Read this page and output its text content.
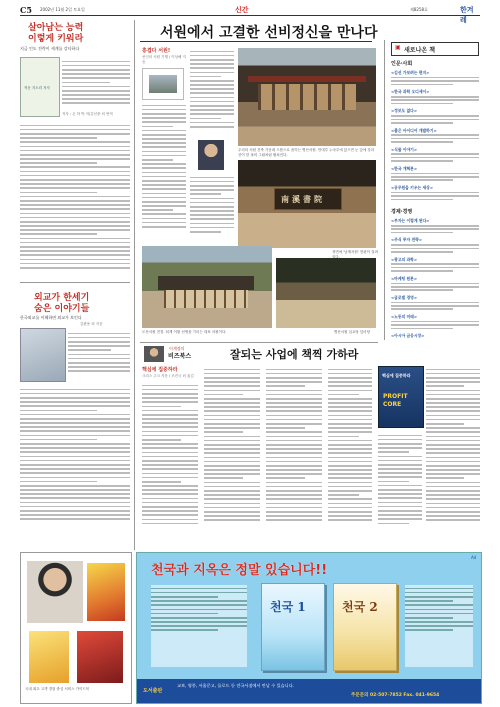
C5 2002년 11월 2일 토요일	신간	제8258호	한겨레
살아남는 능력
이렇게 키워라
지금 인도 전략이 세계를 강타하다
적응 지도력 저자
저자 : 존 하 박 저/김신중 외 번역
외교가 한세기
숨은 이야기들
한국외교를 이해하면 외교가 보인다
김완용 외 지음
서원에서 고결한 선비정신을 만나다
흥겹다 서원!
선인의 서원 기행 / 이상해 지음
우리의 서원 건축 가운데 으뜸으로 꼽히는 병산서원. 만대루 누마루에 앉으면 눈 앞에 강과 산이 한 폭의 그림처럼 펼쳐진다.
南溪書院
정면에 '남계서원' 현판이 걸려 있다.
도산서원 전경. 퇴계 이황 선생을 기리는 대표 서원이다.	병산서원 입교당 앞마당
이계정의
비즈북스	잘되는 사업에 책찍 가하라
핵심에 집중하라
크리스 주크 지음 / 조진국 외 옮김	핵심에 집중하라
PROFIT
CORE
▣ 새로나온 책
인문·사회
<김선 가보려는 편지>
<한국 과학 오디세이>
<정보도 없다>
<좋은 아이디어 개발하기>
<식물 이야기>
<한국 개혁론>
<공무원을 키우는 세상>
경제·경영
<부자는 이렇게 된다>
<주식 투자 전략>
<광고의 과학>
<마케팅 원론>
<글로벌 경영>
<노동의 미래>
<아시아 금융시장>
국내 최초 고객 경험 중심 서비스 가이드북
Ad
천국과 지옥은 정말 있습니다!!
천국 1	천국 2
도서출판
교보, 영풍, 서울문고, 를로드 등 전국서점에서 만날 수 있습니다.
주문문의 02-507-7852 Fax. 041-9654
